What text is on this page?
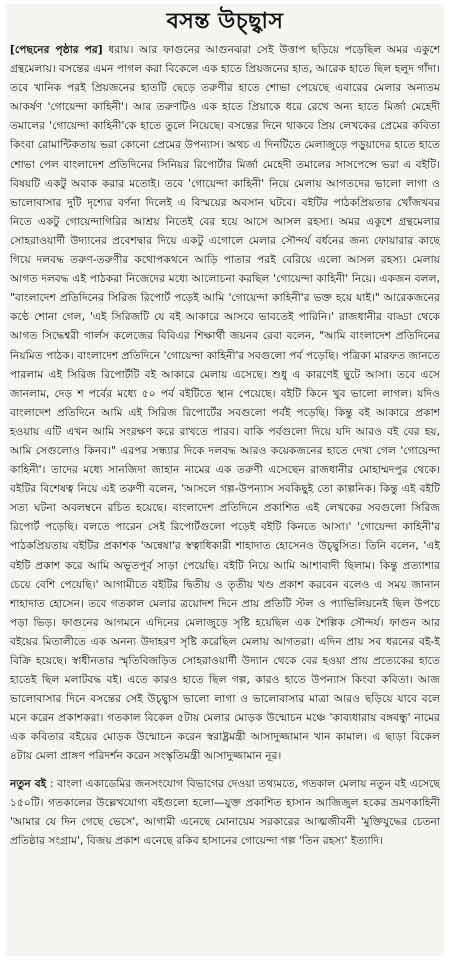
বসন্ত উচ্ছ্বাস
[পেছনের পৃষ্ঠার পর] ধরায়। আর ফাগুনের আগুনঝরা সেই উত্তাপ ছড়িয়ে পড়েছিল অমর একুশে গ্রন্থমেলায়। বসন্তের এমন পাগল করা বিকেলে এক হাতে প্রিয়জনের হাত, আরেক হাতে ছিল হলুদ গাঁদা। তবে খানিক পরই প্রিয়জনের হাতটি ছেড়ে তরুণীর হাতে শোভা পেয়েছে এবারের মেলার অন্যতম আকর্ষণ 'গোয়েন্দা কাহিনী'। আর তরুণটিও এক হাতে প্রিয়াকে ধরে রেখে অন্য হাতে মির্জা মেহেদী তমালের 'গোয়েন্দা কাহিনী'কে হাতে তুলে নিয়েছে। বসন্তের দিনে থাকবে প্রিয় লেখকের প্রেমের কবিতা কিংবা রোমান্টিকতায় ভরা কোনো প্রেমের উপন্যাস। অথচ এ দিনটিতে মেলাজুড়ে পড়ুয়াদের হাতে হাতে শোভা পেল বাংলাদেশ প্রতিদিনের সিনিয়র রিপোর্টার মির্জা মেহেদী তমালের সাসপেন্সে ভরা এ বইটি। বিষয়টি একটু অবাক করার মতোই। তবে 'গোয়েন্দা কাহিনী' নিয়ে মেলায় আগতদের ভালো লাগা ও ভালোবাসার দুটি দৃশ্যের বর্ণনা দিলেই এ বিস্ময়ের অবসান ঘটবে। বইটির পাঠকপ্রিয়তার খোঁজখবর নিতে একটু গোয়েন্দাগিরির আশ্রয় নিতেই বের হয়ে আসে আসল রহস্য। অমর একুশে গ্রন্থমেলার সোহরাওয়ার্দী উদ্যানের প্রবেশদ্বার দিয়ে একটু এগোলে মেলার সৌন্দর্য বর্ধনের জন্য ফোয়ারার কাছে গিয়ে দলবদ্ধ তরুণ-তরুণীর কথোপকথনে আড়ি পাতার পরই বেরিয়ে এলো আসল রহস্য। মেলায় আগত দলবদ্ধ এই পাঠকরা নিজেদের মধ্যে আলোচনা করছিল 'গোয়েন্দা কাহিনী' নিয়ে। একজন বলল, "বাংলাদেশ প্রতিদিনের সিরিজ রিপোর্ট পড়েই আমি 'গোয়েন্দা কাহিনী'র ভক্ত হয়ে যাই।" আরেকজনের কণ্ঠে শোনা গেল, 'এই সিরিজটি যে বই আকারে আসবে ভাবতেই পারিনি।' রাজধানীর বাড্ডা থেকে আগত সিদ্ধেশ্বরী গার্লস কলেজের বিবিএর শিক্ষার্থী জয়নব রেবা বলেন, "আমি বাংলাদেশ প্রতিদিনের নিয়মিত পাঠক। বাংলাদেশ প্রতিদিনে 'গোয়েন্দা কাহিনী'র সবগুলো পর্ব পড়েছি। পত্রিকা মারফত জানতে পারলাম এই সিরিজ রিপোর্টটি বই আকারে মেলায় এসেছে। শুধু এ কারণেই ছুটে আসা। তবে এসে জানলাম, দেড় শ পর্বের মধ্যে ৫০ পর্ব বইটিতে স্থান পেয়েছে। বইটি কিনে খুব ভালো লাগল। যদিও বাংলাদেশ প্রতিদিনে আমি এই সিরিজ রিপোর্টের সবগুলো পর্বই পড়েছি। কিন্তু বই আকারে প্রকাশ হওয়ায় এটি এখন আমি সংরক্ষণ করে রাখতে পারব। বাকি পর্বগুলো দিয়ে যদি আরও বই বের হয়, আমি সেগুলোও কিনব।" এরপর সন্ধ্যার দিকে দলবদ্ধ আরও কয়েকজনের হাতে দেখা গেল 'গোয়েন্দা কাহিনী'। তাদের মধ্যে সানজিদা জাহান নামের এক তরুণী এসেছেন রাজধানীর মোহাম্মদপুর থেকে। বইটির বিশেষত্ব নিয়ে এই তরুণী বলেন, 'আসলে গল্প-উপন্যাস সবকিছুই তো কাল্পনিক। কিন্তু এই বইটি সত্য ঘটনা অবলম্বনে রচিত হয়েছে। বাংলাদেশ প্রতিদিনে প্রকাশিত এই লেখকের সবগুলো সিরিজ রিপোর্ট পড়েছি। বলতে পারেন সেই রিপোর্টগুলো পড়েই বইটি কিনতে আসা।' 'গোয়েন্দা কাহিনী'র পাঠকপ্রিয়তায় বইটির প্রকাশক 'অন্বেষা'র স্বত্বাধিকারী শাহাদাত হোসেনও উচ্ছ্বসিত। তিনি বলেন, 'এই বইটি প্রকাশ করে আমি অভূতপূর্ব সাড়া পেয়েছি। বইটি নিয়ে আমি আশাবাদী ছিলাম। কিন্তু প্রত্যাশার চেয়ে বেশি পেয়েছি।' আগামীতে বইটির দ্বিতীয় ও তৃতীয় খণ্ড প্রকাশ করবেন বলেও এ সময় জানান শাহাদাত হোসেন। তবে গতকাল মেলার ত্রয়োদশ দিনে প্রায় প্রতিটি স্টল ও প্যাভিলিয়নেই ছিল উপচে পড়া ভিড়। ফাগুনের আগমনে এদিনের মেলাজুড়ে সৃষ্টি হয়েছিল এক শৈল্পিক সৌন্দর্য। ফাগুন আর বইয়ের মিতালীতে এক অনন্য উদাহরণ সৃষ্টি করেছিল মেলায় আগতরা। এদিন প্রায় সব ধরনের বই-ই বিক্রি হয়েছে। স্বাধীনতার স্মৃতিবিজড়িত সোহরাওয়ার্দী উদ্যান থেকে বের হওয়া প্রায় প্রত্যেকের হাতে হাতেই ছিল মলাটবদ্ধ বই। এতে কারও হাতে ছিল গল্প, কারও হাতে উপন্যাস কিংবা কবিতা। আজ ভালোবাসার দিনে বসন্তের সেই উচ্ছ্বাস ভালো লাগা ও ভালোবাসার মাত্রা আরও ছড়িয়ে যাবে বলে মনে করেন প্রকাশকরা। গতকাল বিকেল ৫টায় মেলার মোড়ক উন্মোচন মঞ্চে 'কাব্যধারায় বঙ্গবন্ধু' নামের এক কবিতার বইয়ের মোড়ক উন্মোচন করেন স্বরাষ্ট্রমন্ত্রী আসাদুজ্জামান খান কামাল। এ ছাড়া বিকেল ৪টায় মেলা প্রাঙ্গণ পরিদর্শন করেন সংস্কৃতিমন্ত্রী আসাদুজ্জামান নূর।
নতুন বই : বাংলা একাডেমির জনসংযোগ বিভাগের দেওয়া তথ্যমতে, গতকাল মেলায় নতুন বই এসেছে ১৫০টি। গতকালের উল্লেখযোগ্য বইগুলো হলো—যুক্ত প্রকাশিত হাসান আজিজুল হকের ভ্রমণকাহিনী 'আমার যে দিন গেছে ভেসে', আগামী এনেছে মোনায়েম সরকারের আত্মজীবনী 'মুক্তিযুদ্ধের চেতনা প্রতিষ্ঠার সংগ্রাম', বিজয় প্রকাশ এনেছে রকিব হাসানের গোয়েন্দা গল্প 'তিন রহস্য' ইত্যাদি।
